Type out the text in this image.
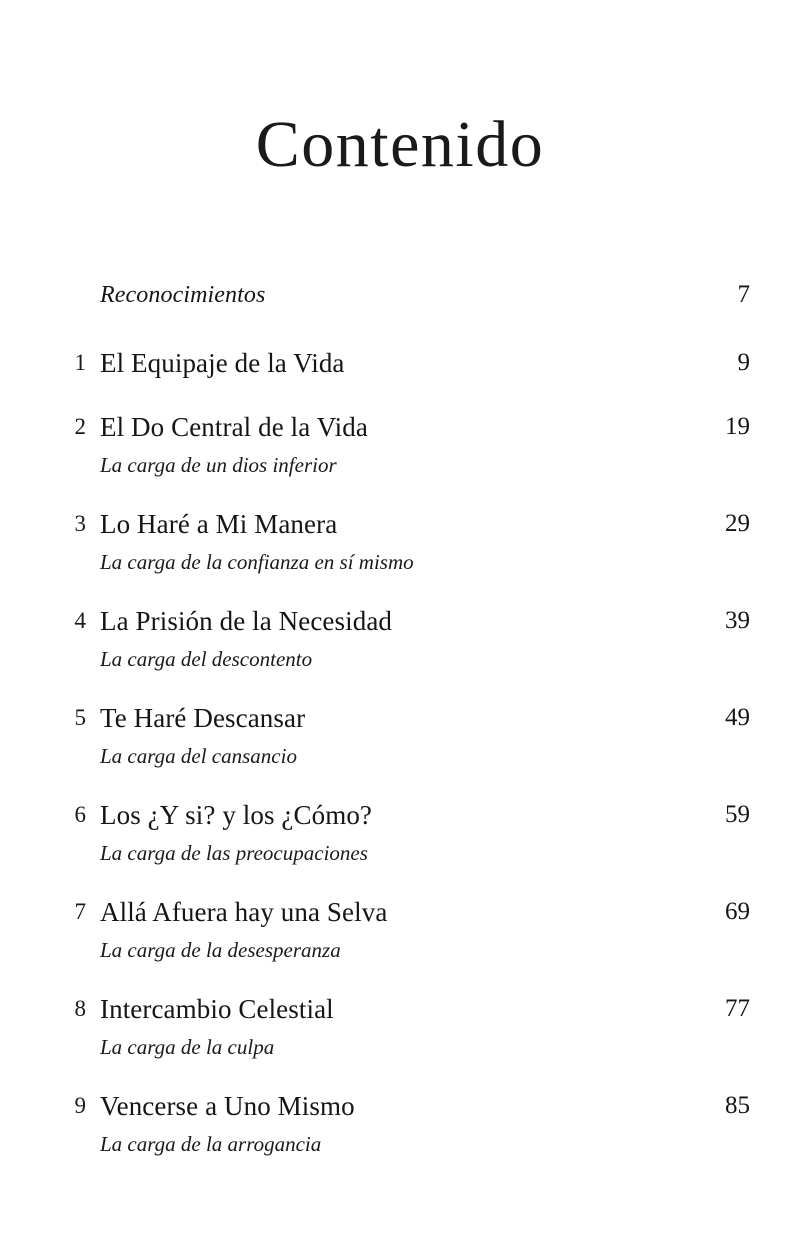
Contenido
Reconocimientos	7
1 El Equipaje de la Vida	9
2 El Do Central de la Vida	19
La carga de un dios inferior
3 Lo Haré a Mi Manera	29
La carga de la confianza en sí mismo
4 La Prisión de la Necesidad	39
La carga del descontento
5 Te Haré Descansar	49
La carga del cansancio
6 Los ¿Y si? y los ¿Cómo?	59
La carga de las preocupaciones
7 Allá Afuera hay una Selva	69
La carga de la desesperanza
8 Intercambio Celestial	77
La carga de la culpa
9 Vencerse a Uno Mismo	85
La carga de la arrogancia
